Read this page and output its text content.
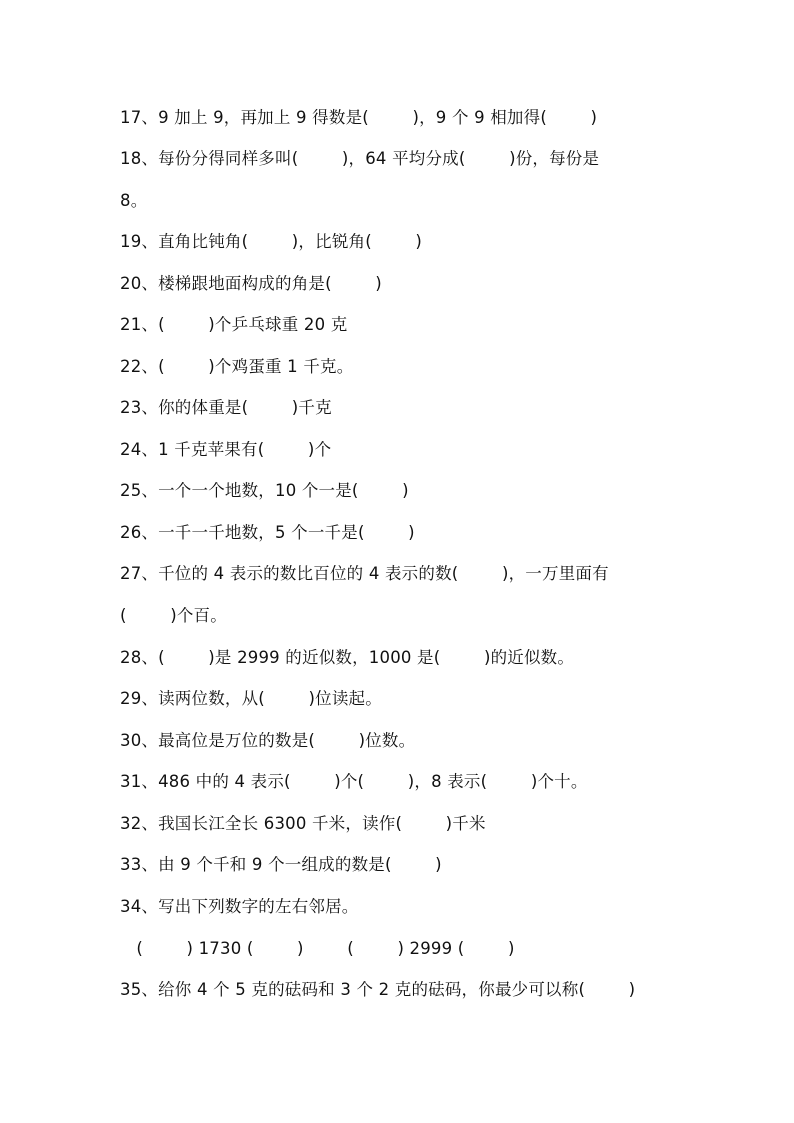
17、9 加上 9，再加上 9 得数是(        )，9 个 9 相加得(        )
18、每份分得同样多叫(        )，64 平均分成(        )份，每份是
8。
19、直角比钝角(        )，比锐角(        )
20、楼梯跟地面构成的角是(        )
21、(        )个乒乓球重 20 克
22、(        )个鸡蛋重 1 千克。
23、你的体重是(        )千克
24、1 千克苹果有(        )个
25、一个一个地数，10 个一是(        )
26、一千一千地数，5 个一千是(        )
27、千位的 4 表示的数比百位的 4 表示的数(        )，一万里面有
(        )个百。
28、(        )是 2999 的近似数，1000 是(        )的近似数。
29、读两位数，从(        )位读起。
30、最高位是万位的数是(        )位数。
31、486 中的 4 表示(        )个(        )，8 表示(        )个十。
32、我国长江全长 6300 千米，读作(        )千米
33、由 9 个千和 9 个一组成的数是(        )
34、写出下列数字的左右邻居。
(        ) 1730 (        )        (        ) 2999 (        )
35、给你 4 个 5 克的砝码和 3 个 2 克的砝码，你最少可以称(        )
